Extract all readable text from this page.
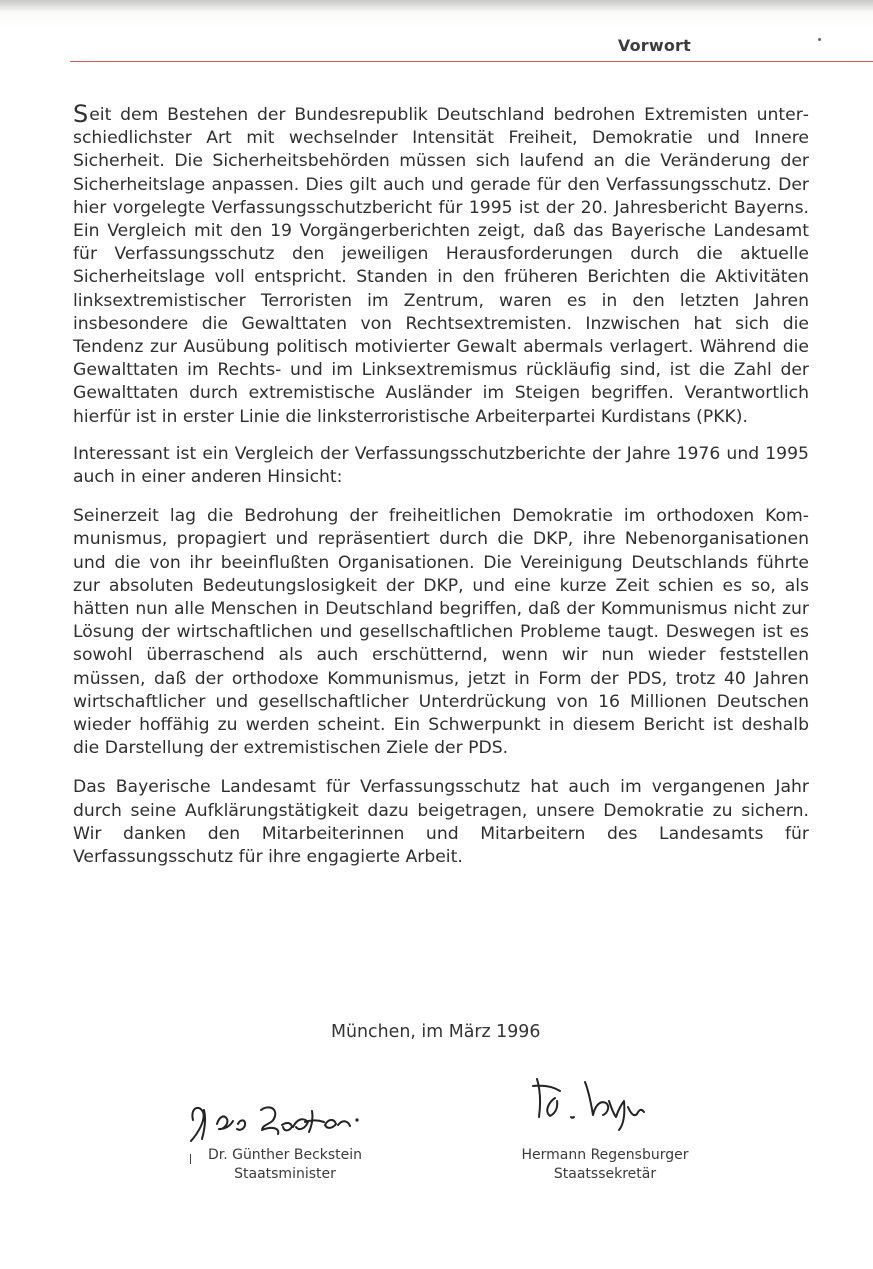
Vorwort

Seit dem Bestehen der Bundesrepublik Deutschland bedrohen Extremisten unterschiedlichster Art mit wechselnder Intensität Freiheit, Demokratie und Innere Sicherheit. Die Sicherheitsbehörden müssen sich laufend an die Veränderung der Sicherheitslage anpassen. Dies gilt auch und gerade für den Verfassungsschutz. Der hier vorgelegte Verfassungsschutzbericht für 1995 ist der 20. Jahresbericht Bayerns. Ein Vergleich mit den 19 Vorgängerberichten zeigt, daß das Bayerische Landesamt für Verfassungsschutz den jeweiligen Herausforderungen durch die aktuelle Sicherheitslage voll entspricht. Standen in den früheren Berichten die Aktivitäten linksextremistischer Terroristen im Zentrum, waren es in den letzten Jahren insbesondere die Gewalttaten von Rechtsextremisten. Inzwischen hat sich die Tendenz zur Ausübung politisch motivierter Gewalt abermals verlagert. Während die Gewalttaten im Rechts- und im Linksextremismus rückläufig sind, ist die Zahl der Gewalttaten durch extremistische Ausländer im Steigen begriffen. Verantwortlich hierfür ist in erster Linie die linksterroristische Arbeiterpartei Kurdistans (PKK).

Interessant ist ein Vergleich der Verfassungsschutzberichte der Jahre 1976 und 1995 auch in einer anderen Hinsicht:

Seinerzeit lag die Bedrohung der freiheitlichen Demokratie im orthodoxen Kommunismus, propagiert und repräsentiert durch die DKP, ihre Nebenorganisationen und die von ihr beeinflußten Organisationen. Die Vereinigung Deutschlands führte zur absoluten Bedeutungslosigkeit der DKP, und eine kurze Zeit schien es so, als hätten nun alle Menschen in Deutschland begriffen, daß der Kommunismus nicht zur Lösung der wirtschaftlichen und gesellschaftlichen Probleme taugt. Deswegen ist es sowohl überraschend als auch erschütternd, wenn wir nun wieder feststellen müssen, daß der orthodoxe Kommunismus, jetzt in Form der PDS, trotz 40 Jahren wirtschaftlicher und gesellschaftlicher Unterdrückung von 16 Millionen Deutschen wieder hoffähig zu werden scheint. Ein Schwerpunkt in diesem Bericht ist deshalb die Darstellung der extremistischen Ziele der PDS.

Das Bayerische Landesamt für Verfassungsschutz hat auch im vergangenen Jahr durch seine Aufklärungstätigkeit dazu beigetragen, unsere Demokratie zu sichern. Wir danken den Mitarbeiterinnen und Mitarbeitern des Landesamts für Verfassungsschutz für ihre engagierte Arbeit.

München, im März 1996
Dr. Günther Beckstein
Staatsminister
Hermann Regensburger
Staatssekretär
